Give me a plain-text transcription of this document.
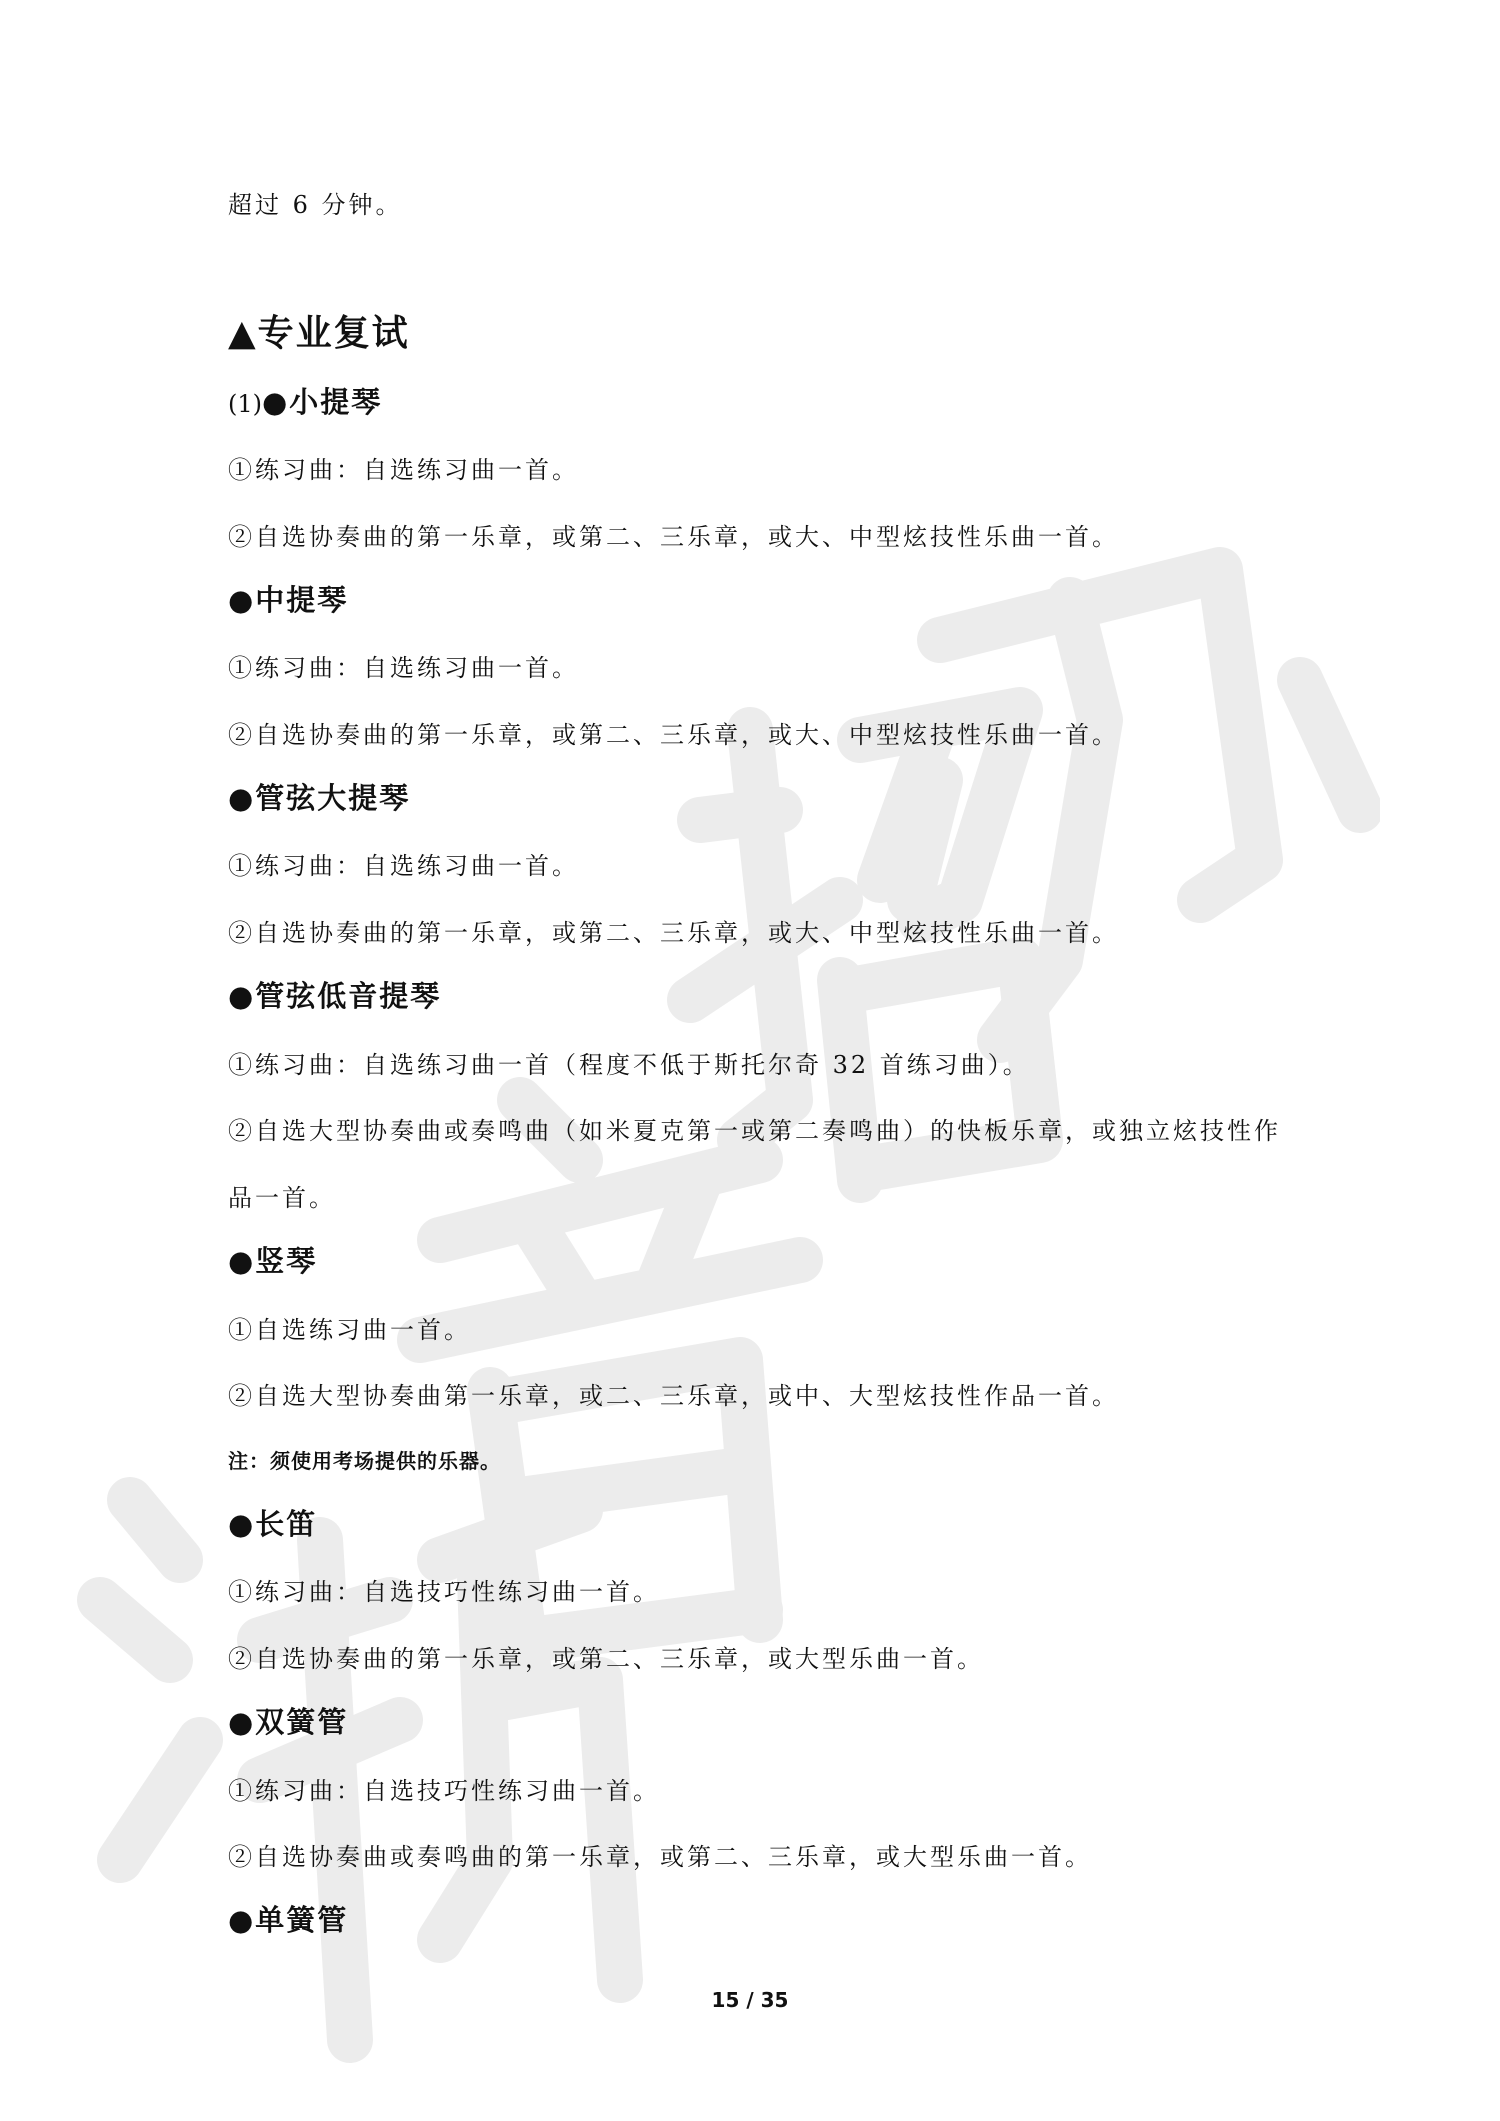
超过 6 分钟。
▲专业复试
(1)●小提琴
①练习曲：自选练习曲一首。
②自选协奏曲的第一乐章，或第二、三乐章，或大、中型炫技性乐曲一首。
●中提琴
①练习曲：自选练习曲一首。
②自选协奏曲的第一乐章，或第二、三乐章，或大、中型炫技性乐曲一首。
●管弦大提琴
①练习曲：自选练习曲一首。
②自选协奏曲的第一乐章，或第二、三乐章，或大、中型炫技性乐曲一首。
●管弦低音提琴
①练习曲：自选练习曲一首（程度不低于斯托尔奇 32 首练习曲）。
②自选大型协奏曲或奏鸣曲（如米夏克第一或第二奏鸣曲）的快板乐章，或独立炫技性作
品一首。
●竖琴
①自选练习曲一首。
②自选大型协奏曲第一乐章，或二、三乐章，或中、大型炫技性作品一首。
注：须使用考场提供的乐器。
●长笛
①练习曲：自选技巧性练习曲一首。
②自选协奏曲的第一乐章，或第二、三乐章，或大型乐曲一首。
●双簧管
①练习曲：自选技巧性练习曲一首。
②自选协奏曲或奏鸣曲的第一乐章，或第二、三乐章，或大型乐曲一首。
●单簧管
15 / 35
